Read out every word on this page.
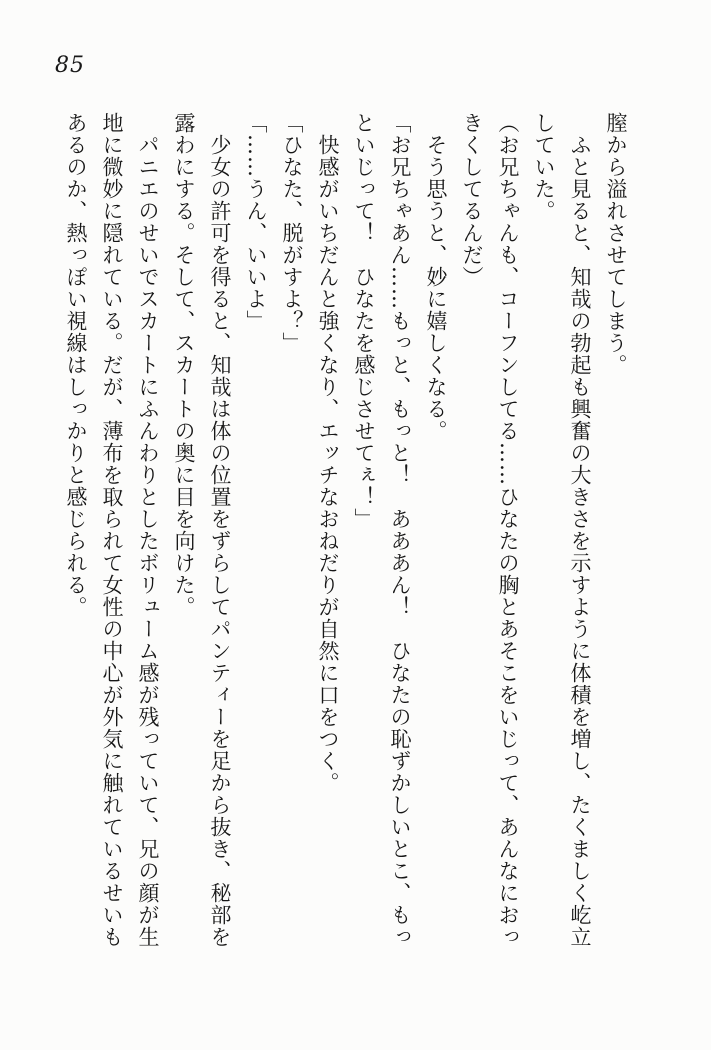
85
膣から溢れさせてしまう。
ふと見ると、知哉の勃起も興奮の大きさを示すように体積を増し、たくましく屹立
していた。
（お兄ちゃんも、コーフンしてる……ひなたの胸とあそこをいじって、あんなにおっ
きくしてるんだ）
そう思うと、妙に嬉しくなる。
「お兄ちゃあん……もっと、もっと！　あああん！　ひなたの恥ずかしいとこ、もっ
といじって！　ひなたを感じさせてぇ！」
快感がいちだんと強くなり、エッチなおねだりが自然に口をつく。
「ひなた、脱がすよ？」
「……うん、いいよ」
少女の許可を得ると、知哉は体の位置をずらしてパンティーを足から抜き、秘部を
露わにする。そして、スカートの奥に目を向けた。
パニエのせいでスカートにふんわりとしたボリューム感が残っていて、兄の顔が生
地に微妙に隠れている。だが、薄布を取られて女性の中心が外気に触れているせいも
あるのか、熱っぽい視線はしっかりと感じられる。
